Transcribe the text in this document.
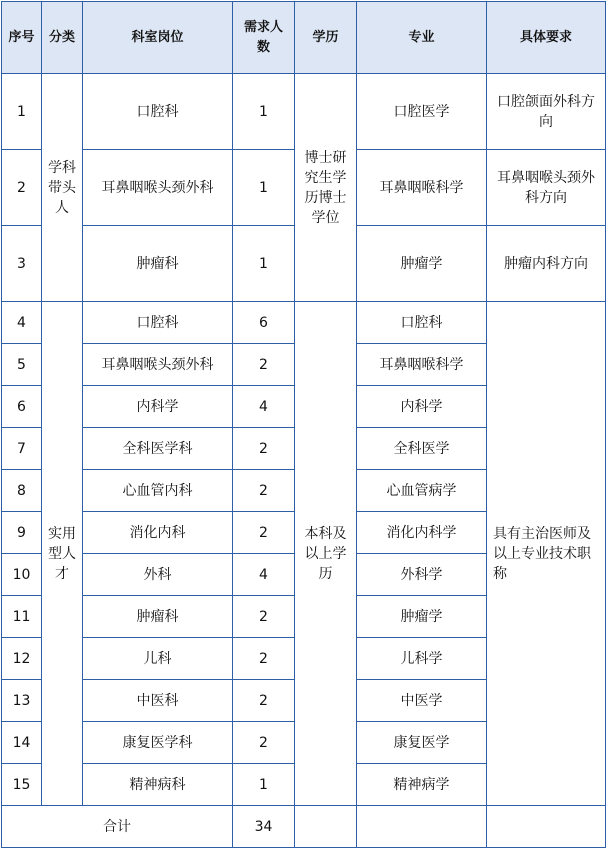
序号	分类	科室岗位	需求人数	学历	专业	具体要求
1	学科带头人	口腔科	1	博士研究生学历博士学位	口腔医学	口腔颌面外科方向
2		耳鼻咽喉头颈外科	1		耳鼻咽喉科学	耳鼻咽喉头颈外科方向
3		肿瘤科	1		肿瘤学	肿瘤内科方向
4	实用型人才	口腔科	6	本科及以上学历	口腔科	具有主治医师及以上专业技术职称
5		耳鼻咽喉头颈外科	2		耳鼻咽喉科学	
6		内科学	4		内科学	
7		全科医学科	2		全科医学	
8		心血管内科	2		心血管病学	
9		消化内科	2		消化内科学	
10		外科	4		外科学	
11		肿瘤科	2		肿瘤学	
12		儿科	2		儿科学	
13		中医科	2		中医学	
14		康复医学科	2		康复医学	
15		精神病科	1		精神病学	
合计			34			
